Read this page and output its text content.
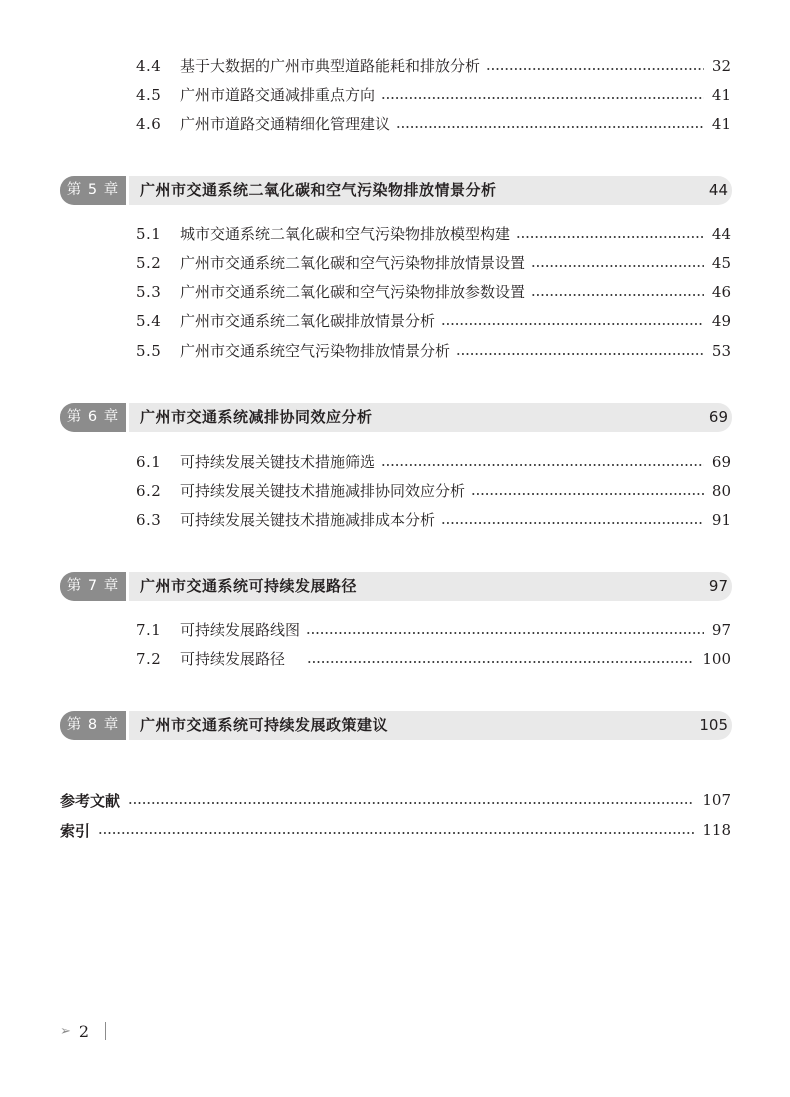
4.4	基于大数据的广州市典型道路能耗和排放分析	32
4.5	广州市道路交通减排重点方向	41
4.6	广州市道路交通精细化管理建议	41
第 5 章	广州市交通系统二氧化碳和空气污染物排放情景分析	44
5.1	城市交通系统二氧化碳和空气污染物排放模型构建	44
5.2	广州市交通系统二氧化碳和空气污染物排放情景设置	45
5.3	广州市交通系统二氧化碳和空气污染物排放参数设置	46
5.4	广州市交通系统二氧化碳排放情景分析	49
5.5	广州市交通系统空气污染物排放情景分析	53
第 6 章	广州市交通系统减排协同效应分析	69
6.1	可持续发展关键技术措施筛选	69
6.2	可持续发展关键技术措施减排协同效应分析	80
6.3	可持续发展关键技术措施减排成本分析	91
第 7 章	广州市交通系统可持续发展路径	97
7.1	可持续发展路线图	97
7.2	可持续发展路径	100
第 8 章	广州市交通系统可持续发展政策建议	105
参考文献	107
索引	118
➢ 2
